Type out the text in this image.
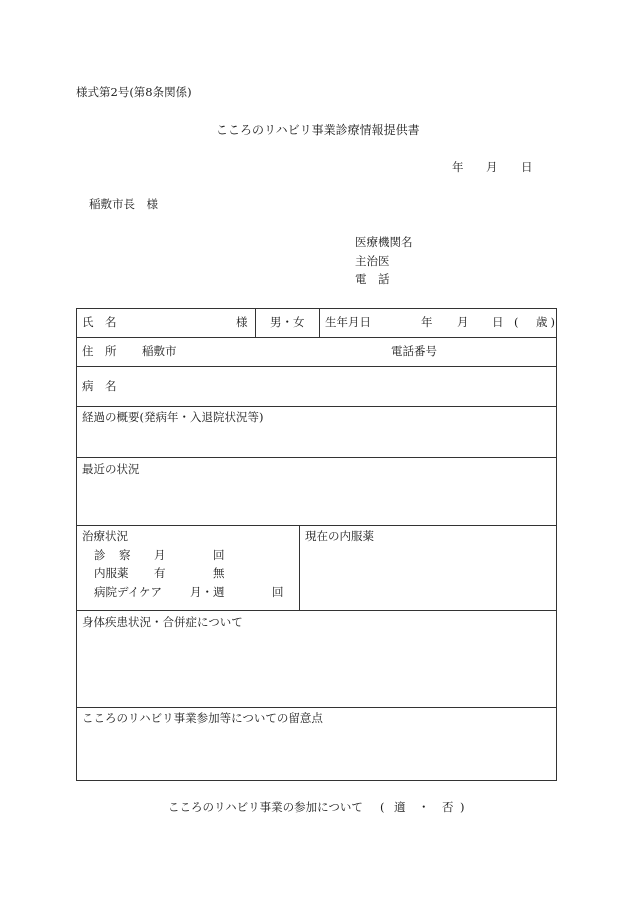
様式第2号(第8条関係)
こころのリハビリ事業診療情報提供書
年 月 日
稲敷市長　様
医療機関名
主治医
電　話
氏　名	様 男・女 生年月日	年 月 日 (　歳)
住　所 稲敷市	電話番号
病　名
経過の概要(発病年・入退院状況等)
最近の状況
治療状況
診　察 月	回
内服薬 有	無
病院デイケア 月・週	回
現在の内服薬
身体疾患状況・合併症について
こころのリハビリ事業参加等についての留意点
こころのリハビリ事業の参加について ( 適 ・ 否 )
